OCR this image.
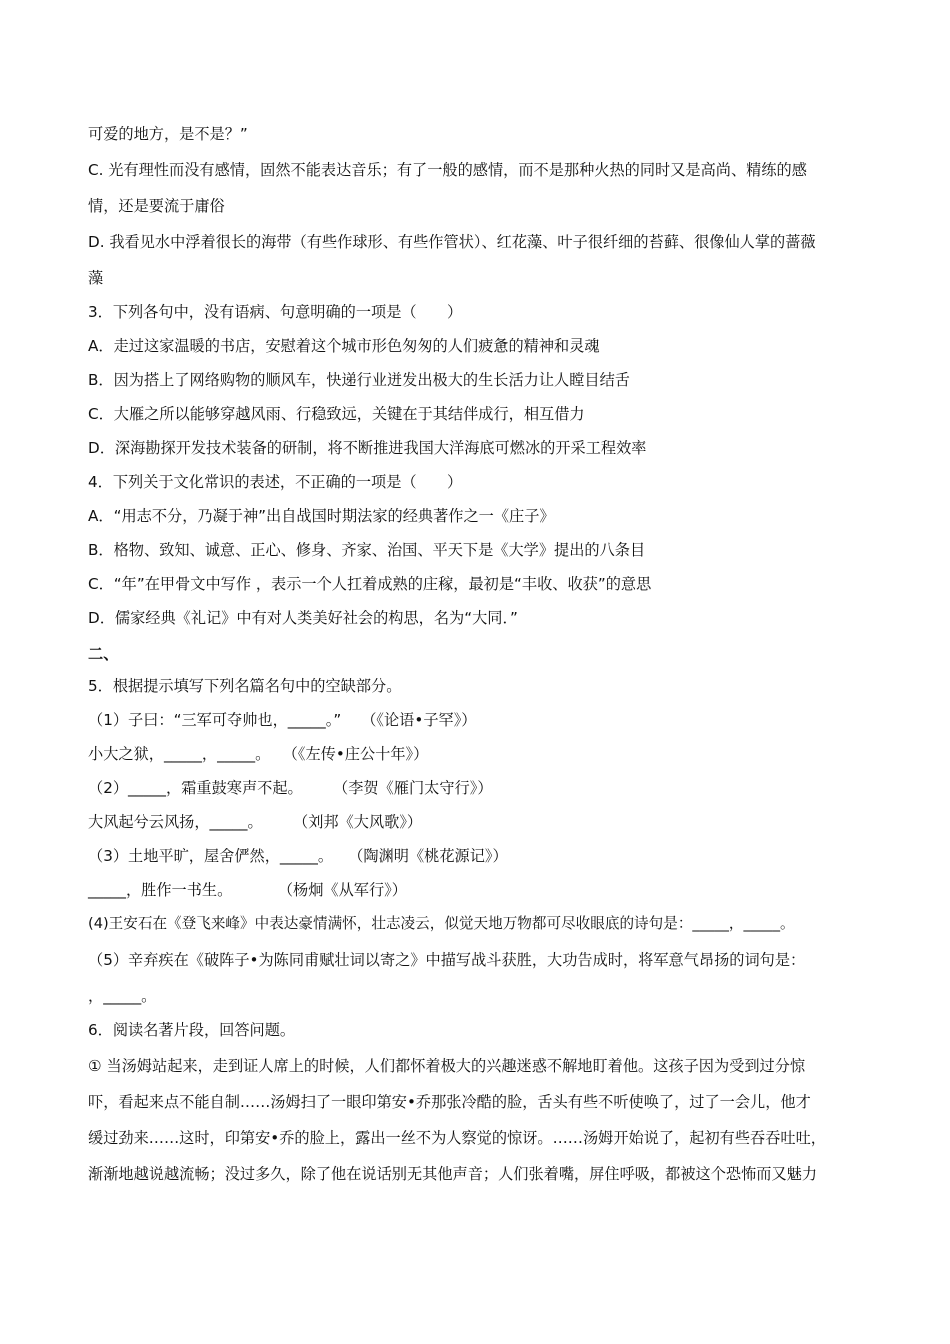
可爱的地方，是不是？”
C. 光有理性而没有感情，固然不能表达音乐；有了一般的感情，而不是那种火热的同时又是高尚、精练的感
情，还是要流于庸俗
D. 我看见水中浮着很长的海带（有些作球形、有些作管状）、红花藻、叶子很纤细的苔藓、很像仙人掌的蔷薇
藻
3．下列各句中，没有语病、句意明确的一项是（　　）
A．走过这家温暖的书店，安慰着这个城市形色匆匆的人们疲惫的精神和灵魂
B．因为搭上了网络购物的顺风车，快递行业迸发出极大的生长活力让人瞠目结舌
C．大雁之所以能够穿越风雨、行稳致远，关键在于其结伴成行，相互借力
D．深海勘探开发技术装备的研制，将不断推进我国大洋海底可燃冰的开采工程效率
4．下列关于文化常识的表述，不正确的一项是（　　）
A．“用志不分，乃凝于神”出自战国时期法家的经典著作之一《庄子》
B．格物、致知、诚意、正心、修身、齐家、治国、平天下是《大学》提出的八条目
C．“年”在甲骨文中写作 ，表示一个人扛着成熟的庄稼，最初是“丰收、收获”的意思
D．儒家经典《礼记》中有对人类美好社会的构思，名为“大同．”
二、
5．根据提示填写下列名篇名句中的空缺部分。
（1）子曰：“三军可夺帅也，_____。”　 （《论语•子罕》）
小大之狱，_____，_____。　 （《左传•庄公十年》）
（2）_____，霜重鼓寒声不起。　　　（李贺《雁门太守行》）
大风起兮云风扬，_____。　　　（刘邦《大风歌》）
（3）土地平旷，屋舍俨然，_____。　　（陶渊明《桃花源记》）
_____，胜作一书生。　　　　（杨炯《从军行》）
(4)王安石在《登飞来峰》中表达豪情满怀，壮志凌云，似觉天地万物都可尽收眼底的诗句是：_____，_____。
（5）辛弃疾在《破阵子•为陈同甫赋壮词以寄之》中描写战斗获胜，大功告成时，将军意气昂扬的词句是：
，_____。
6．阅读名著片段，回答问题。
① 当汤姆站起来，走到证人席上的时候，人们都怀着极大的兴趣迷惑不解地盯着他。这孩子因为受到过分惊
吓，看起来点不能自制……汤姆扫了一眼印第安•乔那张冷酷的脸，舌头有些不听使唤了，过了一会儿，他才
缓过劲来……这时，印第安•乔的脸上，露出一丝不为人察觉的惊讶。……汤姆开始说了，起初有些吞吞吐吐，
渐渐地越说越流畅；没过多久，除了他在说话别无其他声音；人们张着嘴，屏住呼吸，都被这个恐怖而又魅力
